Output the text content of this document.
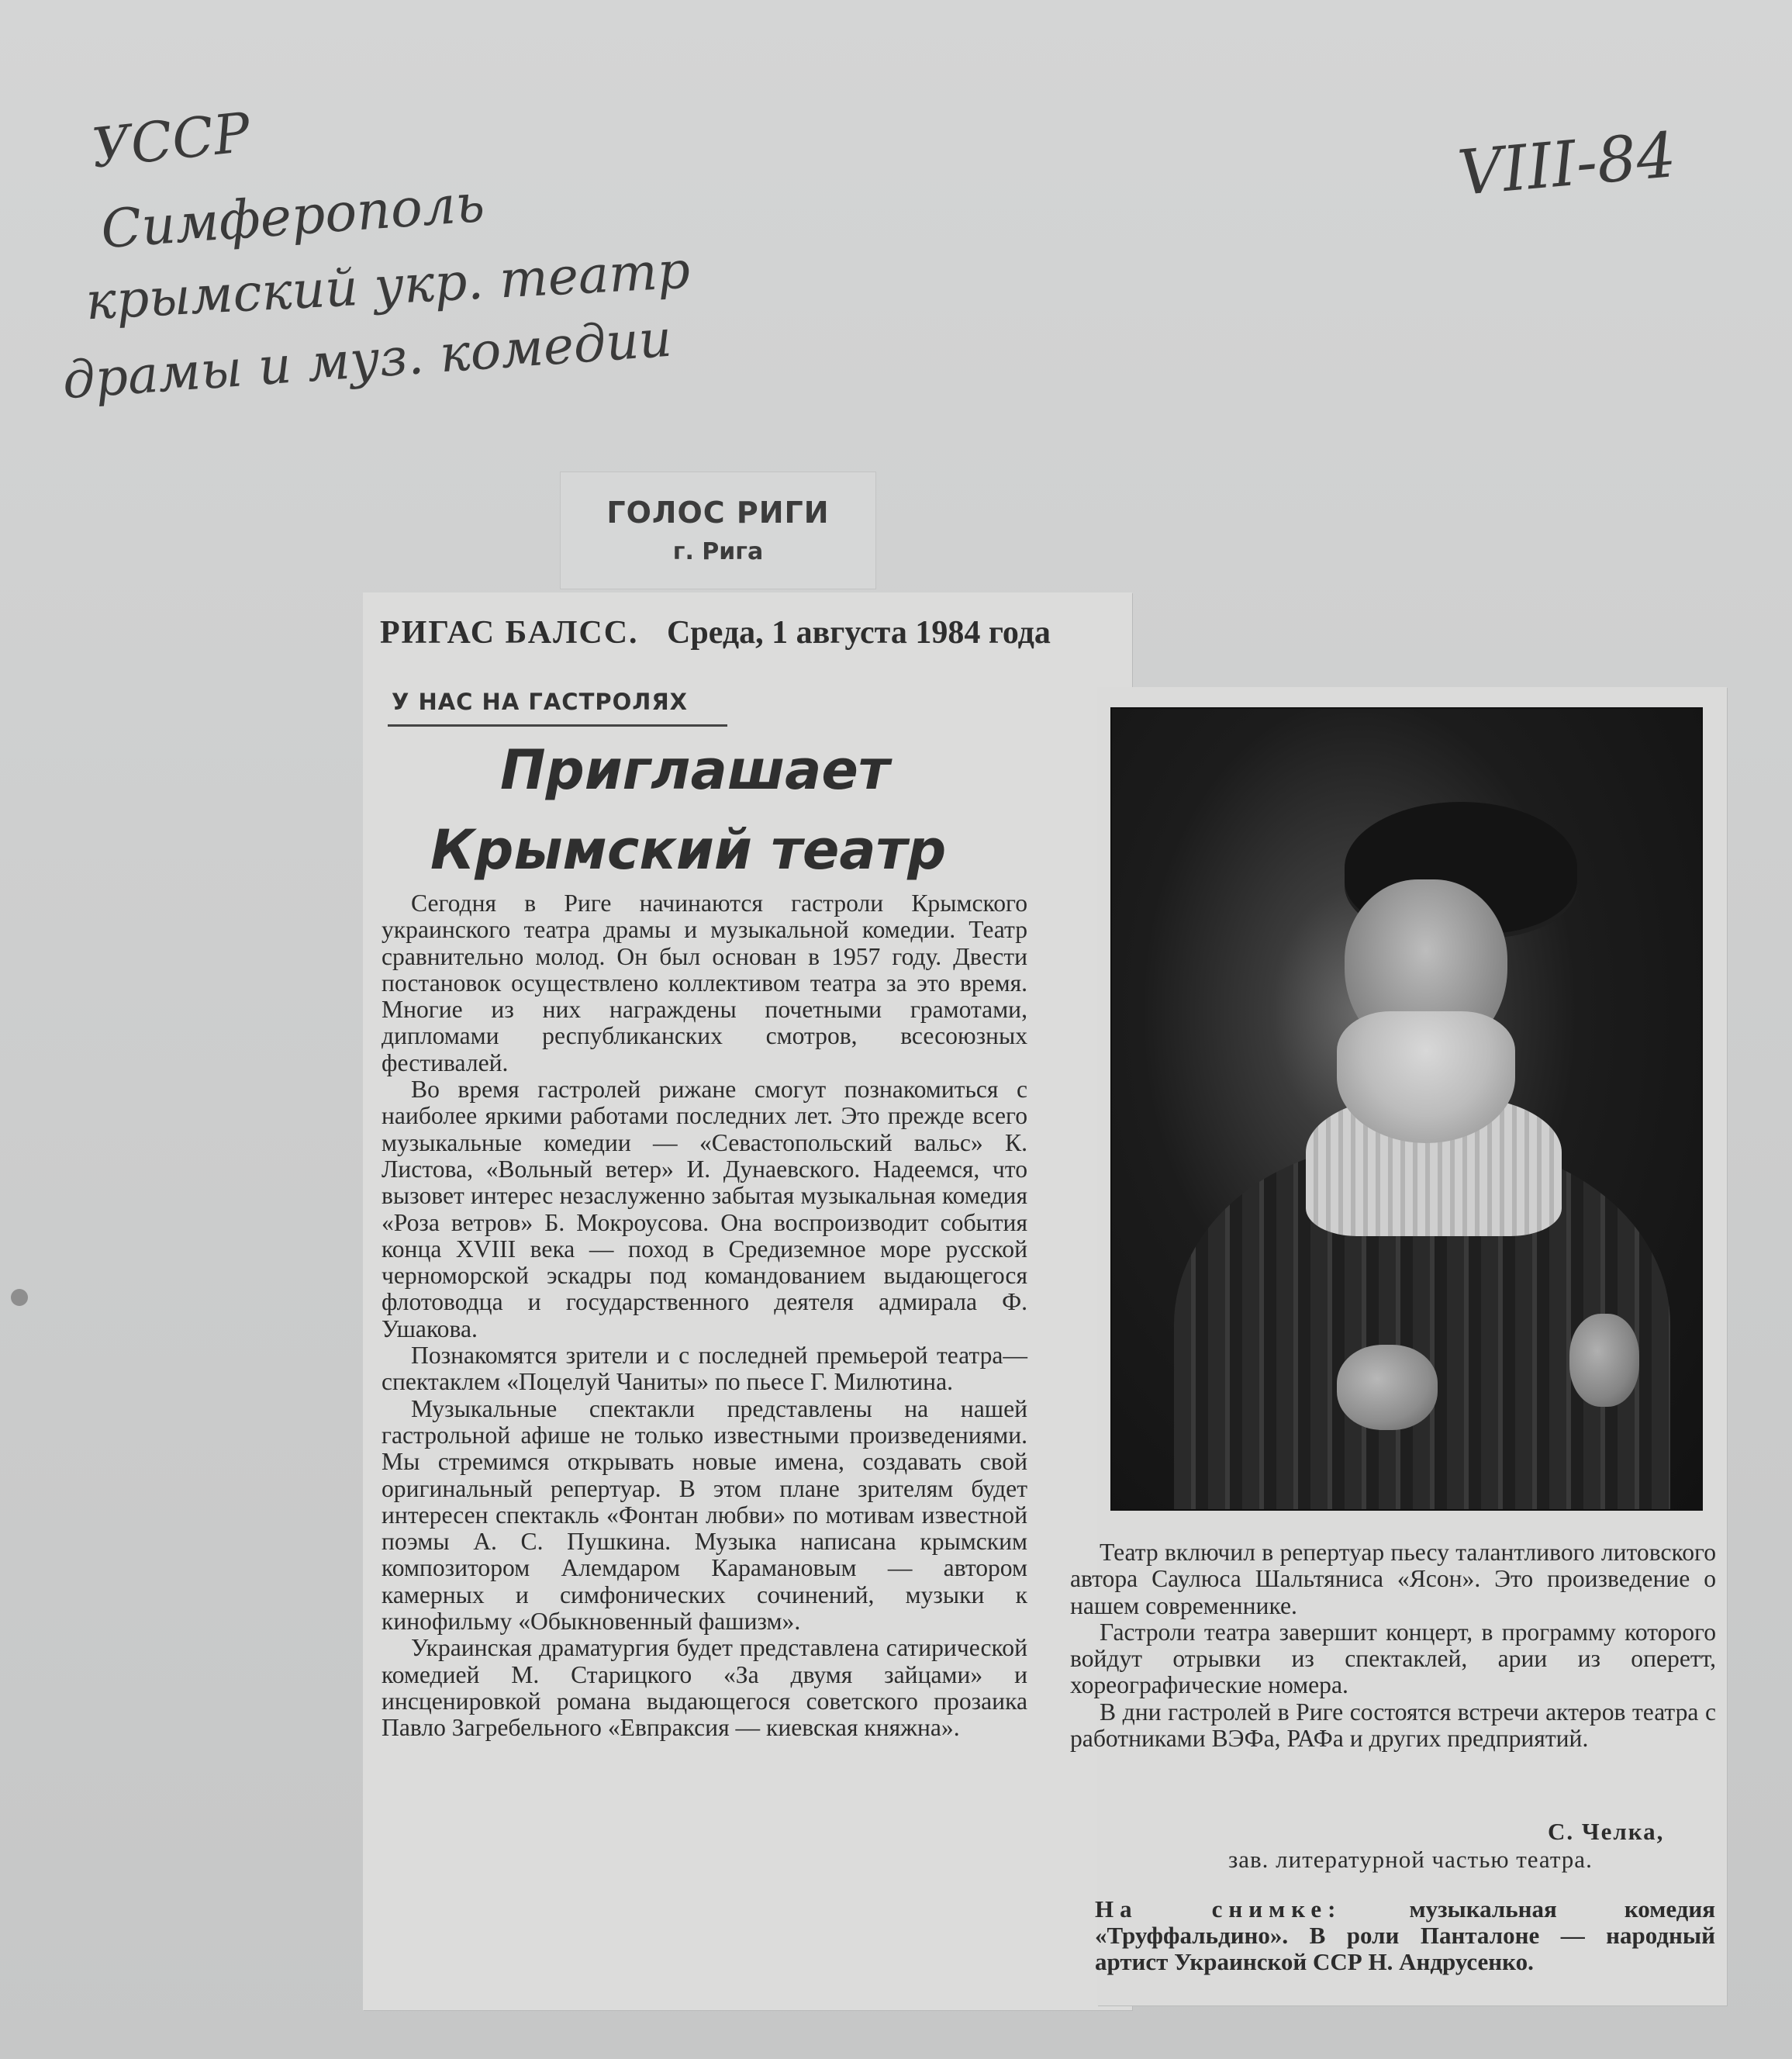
УССР
Симферополь
крымский укр. театр
драмы и муз. комедии
VIII-84
ГОЛОС РИГИ
г. Рига
РИГАС БАЛСС. Среда, 1 августа 1984 года
У НАС НА ГАСТРОЛЯХ
Приглашает
Крымский театр

Сегодня в Риге начинаются гастроли Крымского украинского театра драмы и музыкальной комедии. Театр сравнительно молод. Он был основан в 1957 году. Двести постановок осуществлено коллективом театра за это время. Многие из них награждены почетными грамотами, дипломами республиканских смотров, всесоюзных фестивалей.

Во время гастролей рижане смогут познакомиться с наиболее яркими работами последних лет. Это прежде всего музыкальные комедии — «Севастопольский вальс» К. Листова, «Вольный ветер» И. Дунаевского. Надеемся, что вызовет интерес незаслуженно забытая музыкальная комедия «Роза ветров» Б. Мокроусова. Она воспроизводит события конца XVIII века — поход в Средиземное море русской черноморской эскадры под командованием выдающегося флотоводца и государственного деятеля адмирала Ф. Ушакова.

Познакомятся зрители и с последней премьерой театра—спектаклем «Поцелуй Чаниты» по пьесе Г. Милютина.

Музыкальные спектакли представлены на нашей гастрольной афише не только известными произведениями. Мы стремимся открывать новые имена, создавать свой оригинальный репертуар. В этом плане зрителям будет интересен спектакль «Фонтан любви» по мотивам известной поэмы А. С. Пушкина. Музыка написана крымским композитором Алемдаром Карамановым — автором камерных и симфонических сочинений, музыки к кинофильму «Обыкновенный фашизм».

Украинская драматургия будет представлена сатирической комедией М. Старицкого «За двумя зайцами» и инсценировкой романа выдающегося советского прозаика Павло Загребельного «Евпраксия — киевская княжна».

Театр включил в репертуар пьесу талантливого литовского автора Саулюса Шальтяниса «Ясон». Это произведение о нашем современнике.

Гастроли театра завершит концерт, в программу которого войдут отрывки из спектаклей, арии из оперетт, хореографические номера.

В дни гастролей в Риге состоятся встречи актеров театра с работниками ВЭФа, РАФа и других предприятий.

С. Челка,
зав. литературной частью театра.
На снимке:	музыкальная комедия «Труффальдино». В роли Панталоне — народный артист Украинской ССР Н. Андрусенко.
